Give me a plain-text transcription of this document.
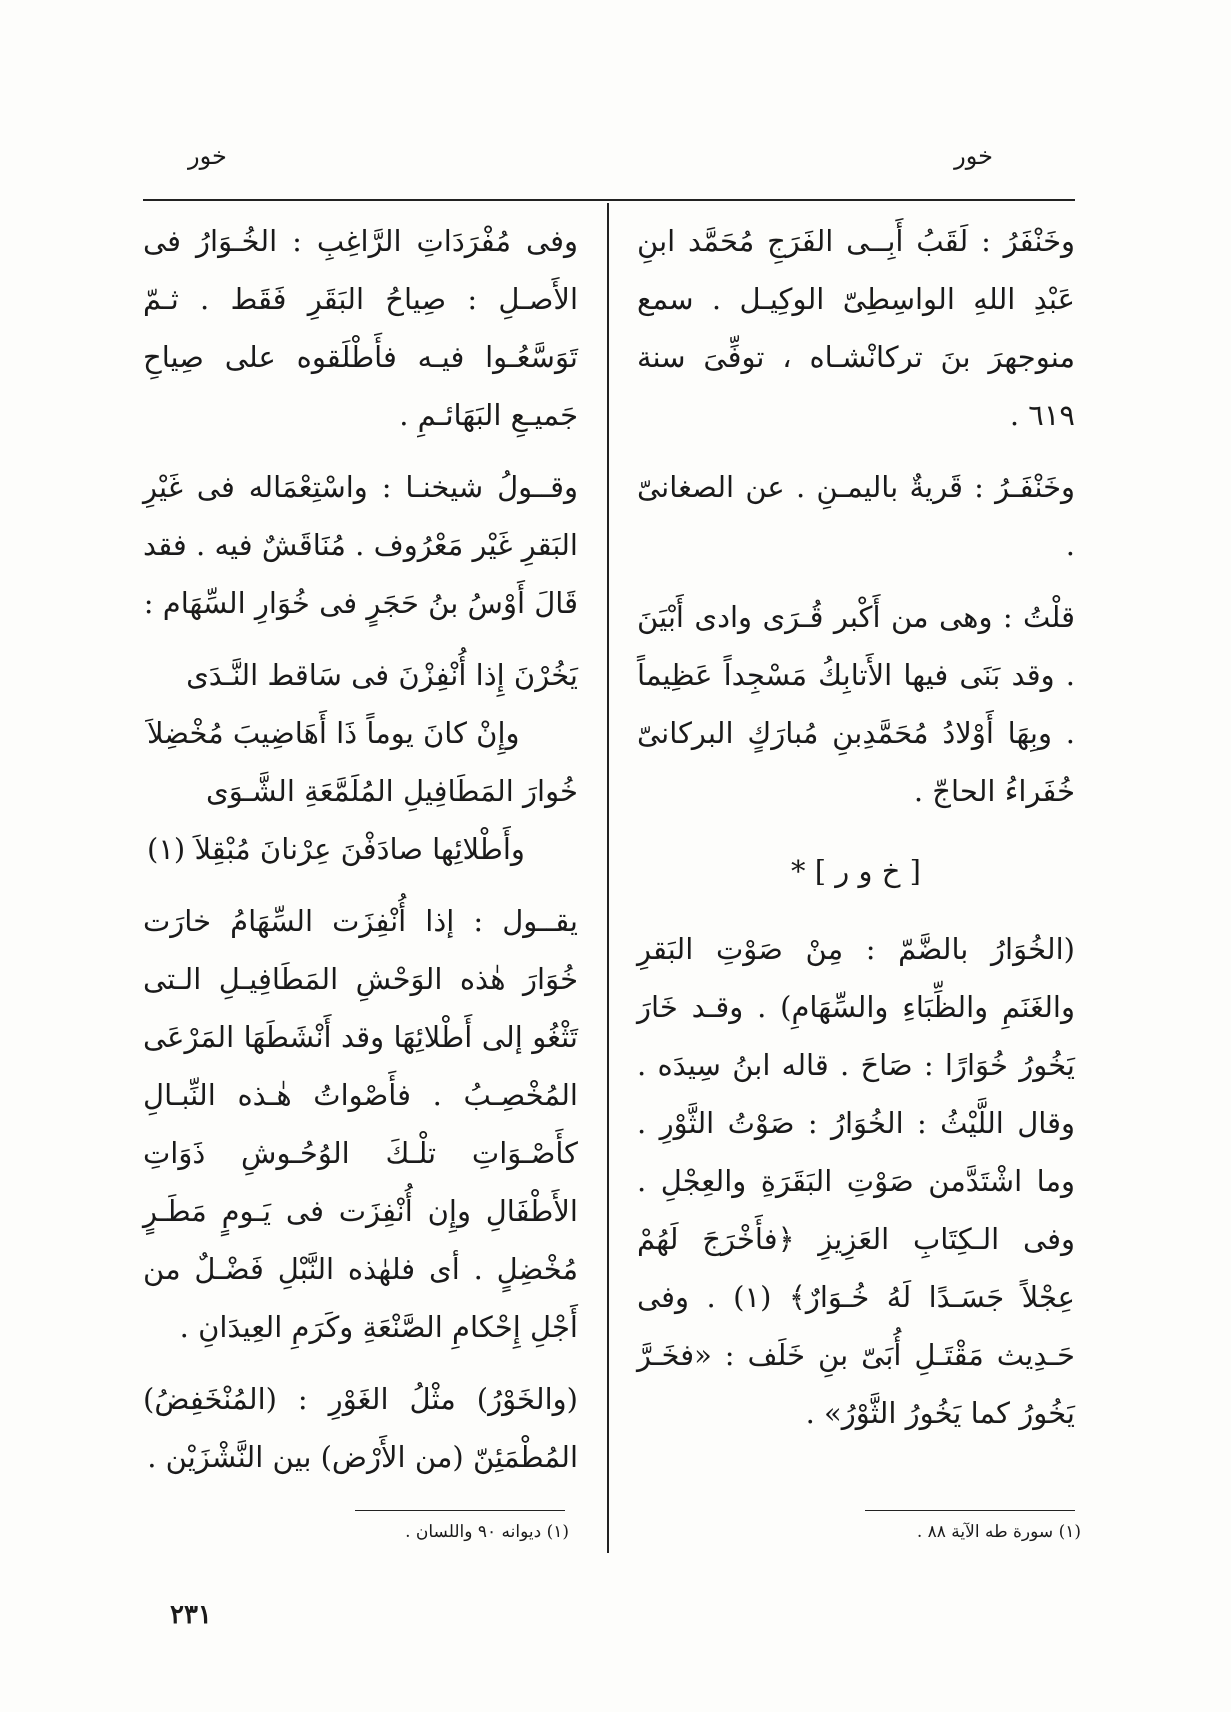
خور
خور

وخَنْفَرُ : لَقَبُ أَبِــى الفَرَجِ مُحَمَّد ابنِ عَبْدِ اللهِ الواسِطِىّ الوكِيـل . سمع منوجهرَ بنَ تركانْشـاه ، توفِّىَ سنة ٦١٩ .

وخَنْفَـرُ : قَريةٌ باليمـنِ . عن الصغانىّ .

قلْتُ : وهى من أَكْبر قُـرَى وادى أَبْيَنَ . وقد بَنَى فيها الأَتابِكُ مَسْجِداً عَظِيماً . وبِهَا أَوْلادُ مُحَمَّدِبنِ مُبارَكٍ البركانىّ خُفَراءُ الحاجّ .

[ خ و ر ] *

(الخُوَارُ بالضَّمّ : مِنْ صَوْتِ البَقرِ والغَنَمِ والظِّبَاءِ والسِّهَامِ) . وقـد خَارَ يَخُورُ خُوَارًا : صَاحَ . قاله ابنُ سِيدَه . وقال اللَّيْثُ : الخُوَارُ : صَوْتُ الثَّوْرِ . وما اشْتَدَّمن صَوْتِ البَقَرَةِ والعِجْلِ . وفى الـكِتَابِ العَزِيزِ ﴿فأَخْرَجَ لَهُمْ عِجْلاً جَسَـدًا لَهُ خُـوَارٌ﴾ (١) . وفى حَـدِيث مَقْتَـلِ أُبَىّ بنِ خَلَف : «فخَـرَّ يَخُورُ كما يَخُورُ الثَّوْرُ» .

وفى مُفْرَدَاتِ الرَّاغِبِ : الخُـوَارُ فى الأَصـلِ : صِياحُ البَقَرِ فَقَط . ثـمّ تَوَسَّعُـوا فيـه فأَطْلَقوه على صِياحِ جَميـعِ البَهَائـمِ .

وقــولُ شيخنـا : واسْتِعْمَاله فى غَيْرِ البَقرِ غَيْر مَعْرُوف . مُنَاقَشٌ فيه . فقد قَالَ أَوْسُ بنُ حَجَرٍ فى خُوَارِ السِّهَام :

يَخُرْنَ إِذا أُنْفِزْنَ فى سَاقط النَّـدَى
وإِنْ كانَ يوماً ذَا أَهَاضِيبَ مُخْضِلاَ
خُوارَ المَطَافِيلِ المُلَمَّعَةِ الشَّـوَى
وأَطْلائِها صادَفْنَ عِرْنانَ مُبْقِلاَ (١)

يقــول : إذا أُنْفِزَت السِّهَامُ خارَت خُوَارَ هٰذه الوَحْشِ المَطَافِيـلِ الـتى تَثْغُو إلى أَطْلائِهَا وقد أَنْشَطَهَا المَرْعَى المُخْصِـبُ . فأَصْواتُ هٰـذه النِّبـالِ كأَصْـوَاتِ تلْـكَ الوُحُـوشِ ذَوَاتِ الأَطْفَالِ وإِن أُنْفِزَت فى يَـومٍ مَطَـرٍ مُخْضِلٍ . أى فلهٰذه النَّبْلِ فَضْـلٌ من أَجْلِ إِحْكامِ الصَّنْعَةِ وكَرَمِ العِيدَانِ .

(والخَوْرُ) مثْلُ الغَوْرِ : (المُنْخَفِضُ) المُطْمَئِنّ (من الأَرْض) بين النَّشْزَيْن .

(١) سورة طه الآية ٨٨ .
(١) ديوانه ٩٠ واللسان .
٢٣١
